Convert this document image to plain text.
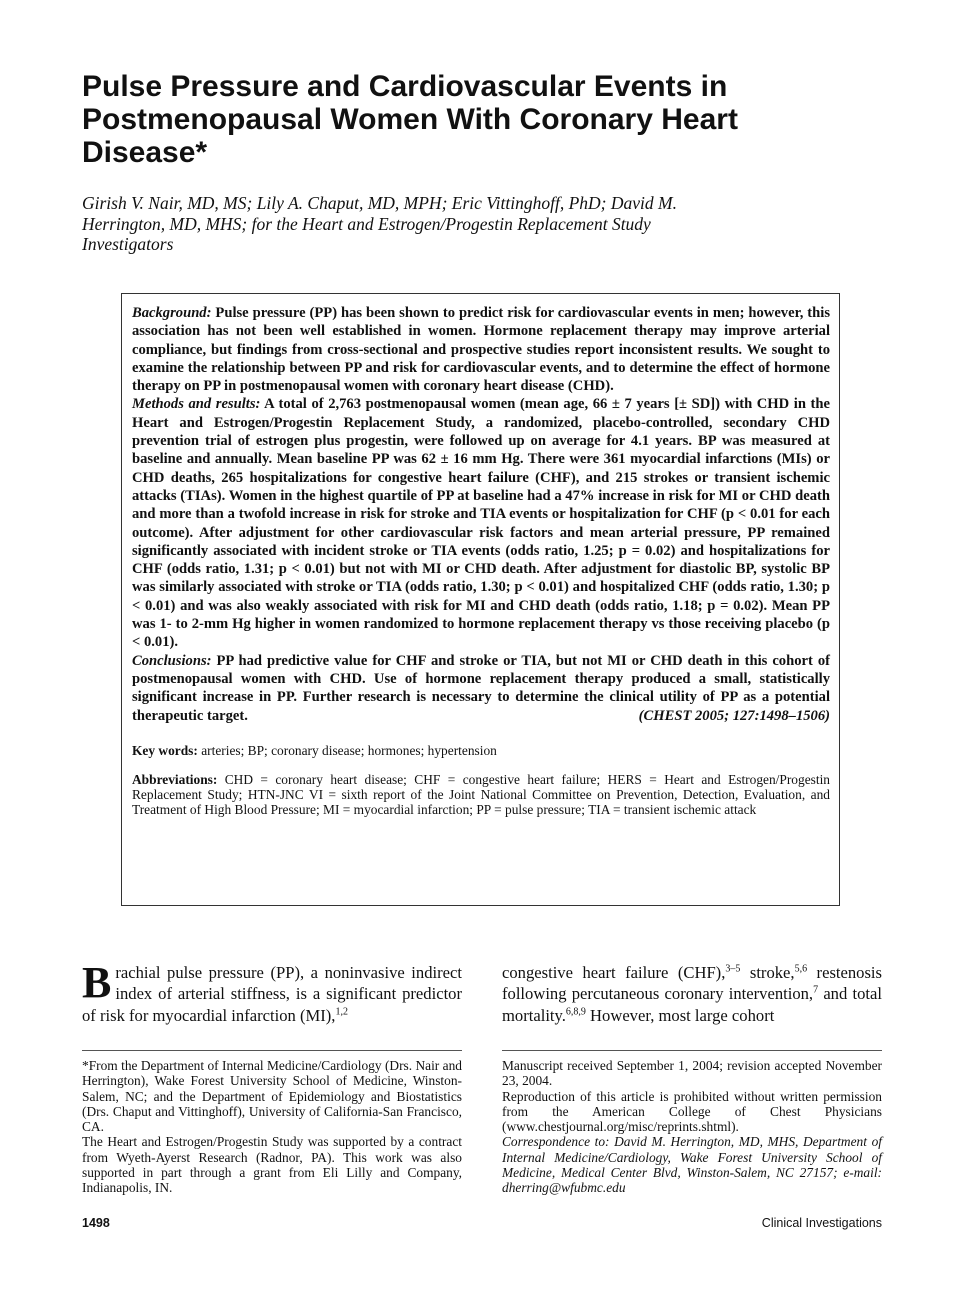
Pulse Pressure and Cardiovascular Events in Postmenopausal Women With Coronary Heart Disease*

Girish V. Nair, MD, MS; Lily A. Chaput, MD, MPH; Eric Vittinghoff, PhD; David M. Herrington, MD, MHS; for the Heart and Estrogen/Progestin Replacement Study Investigators

Background: Pulse pressure (PP) has been shown to predict risk for cardiovascular events in men; however, this association has not been well established in women. Hormone replacement therapy may improve arterial compliance, but findings from cross-sectional and prospective studies report inconsistent results. We sought to examine the relationship between PP and risk for cardiovascular events, and to determine the effect of hormone therapy on PP in postmenopausal women with coronary heart disease (CHD).

Methods and results: A total of 2,763 postmenopausal women (mean age, 66 ± 7 years [± SD]) with CHD in the Heart and Estrogen/Progestin Replacement Study, a randomized, placebo-controlled, secondary CHD prevention trial of estrogen plus progestin, were followed up on average for 4.1 years. BP was measured at baseline and annually. Mean baseline PP was 62 ± 16 mm Hg. There were 361 myocardial infarctions (MIs) or CHD deaths, 265 hospitalizations for congestive heart failure (CHF), and 215 strokes or transient ischemic attacks (TIAs). Women in the highest quartile of PP at baseline had a 47% increase in risk for MI or CHD death and more than a twofold increase in risk for stroke and TIA events or hospitalization for CHF (p < 0.01 for each outcome). After adjustment for other cardiovascular risk factors and mean arterial pressure, PP remained significantly associated with incident stroke or TIA events (odds ratio, 1.25; p = 0.02) and hospitalizations for CHF (odds ratio, 1.31; p < 0.01) but not with MI or CHD death. After adjustment for diastolic BP, systolic BP was similarly associated with stroke or TIA (odds ratio, 1.30; p < 0.01) and hospitalized CHF (odds ratio, 1.30; p < 0.01) and was also weakly associated with risk for MI and CHD death (odds ratio, 1.18; p = 0.02). Mean PP was 1- to 2-mm Hg higher in women randomized to hormone replacement therapy vs those receiving placebo (p < 0.01).

Conclusions: PP had predictive value for CHF and stroke or TIA, but not MI or CHD death in this cohort of postmenopausal women with CHD. Use of hormone replacement therapy produced a small, statistically significant increase in PP. Further research is necessary to determine the clinical utility of PP as a potential therapeutic target.	(CHEST 2005; 127:1498–1506)

Key words: arteries; BP; coronary disease; hormones; hypertension

Abbreviations: CHD = coronary heart disease; CHF = congestive heart failure; HERS = Heart and Estrogen/Progestin Replacement Study; HTN-JNC VI = sixth report of the Joint National Committee on Prevention, Detection, Evaluation, and Treatment of High Blood Pressure; MI = myocardial infarction; PP = pulse pressure; TIA = transient ischemic attack

Brachial pulse pressure (PP), a noninvasive indirect index of arterial stiffness, is a significant predictor of risk for myocardial infarction (MI),$^{1,2}$

congestive heart failure (CHF),$^{3-5}$ stroke,$^{5,6}$ restenosis following percutaneous coronary intervention,$^7$ and total mortality.$^{6,8,9}$ However, most large cohort

*From the Department of Internal Medicine/Cardiology (Drs. Nair and Herrington), Wake Forest University School of Medicine, Winston-Salem, NC; and the Department of Epidemiology and Biostatistics (Drs. Chaput and Vittinghoff), University of California-San Francisco, CA.

The Heart and Estrogen/Progestin Study was supported by a contract from Wyeth-Ayerst Research (Radnor, PA). This work was also supported in part through a grant from Eli Lilly and Company, Indianapolis, IN.

Manuscript received September 1, 2004; revision accepted November 23, 2004.

Reproduction of this article is prohibited without written permission from the American College of Chest Physicians (www.chestjournal.org/misc/reprints.shtml).

Correspondence to: David M. Herrington, MD, MHS, Department of Internal Medicine/Cardiology, Wake Forest University School of Medicine, Medical Center Blvd, Winston-Salem, NC 27157; e-mail: dherring@wfubmc.edu

1498	Clinical Investigations
